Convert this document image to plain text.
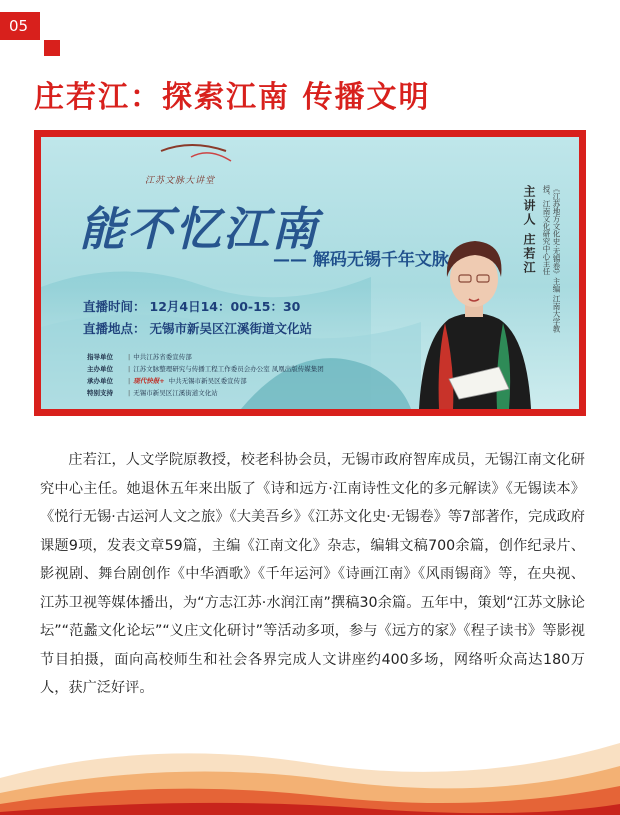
05
庄若江：探索江南 传播文明
江苏文脉大讲堂
能不忆江南
—— 解码无锡千年文脉
直播时间： 12月4日14：00-15：30
直播地点： 无锡市新吴区江溪街道文化站
指导单位 | 中共江苏省委宣传部
主办单位 | 江苏文脉整理研究与传播工程工作委员会办公室 凤凰出版传媒集团
承办单位 | 现代快报+ 中共无锡市新吴区委宣传部
特别支持 | 无锡市新吴区江溪街道文化站
主讲人 庄若江	《江苏地方文化史·无锡卷》主编 江南大学教授、江南文化研究中心主任

庄若江，人文学院原教授，校老科协会员，无锡市政府智库成员，无锡江南文化研究中心主任。她退休五年来出版了《诗和远方·江南诗性文化的多元解读》《无锡读本》《悦行无锡·古运河人文之旅》《大美吾乡》《江苏文化史·无锡卷》等7部著作，完成政府课题9项，发表文章59篇，主编《江南文化》杂志，编辑文稿700余篇，创作纪录片、影视剧、舞台剧创作《中华酒歌》《千年运河》《诗画江南》《风雨锡商》等，在央视、江苏卫视等媒体播出，为“方志江苏·水润江南”撰稿30余篇。五年中，策划“江苏文脉论坛”“范蠡文化论坛”“义庄文化研讨”等活动多项，参与《远方的家》《程子读书》等影视节目拍摄，面向高校师生和社会各界完成人文讲座约400多场，网络听众高达180万人，获广泛好评。
